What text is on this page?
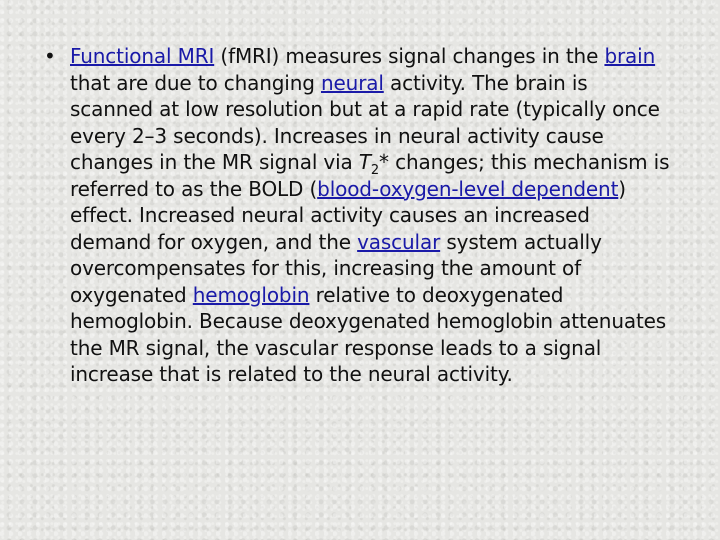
• Functional MRI (fMRI) measures signal changes in the brain that are due to changing neural activity. The brain is scanned at low resolution but at a rapid rate (typically once every 2–3 seconds). Increases in neural activity cause changes in the MR signal via $T_2*$ changes; this mechanism is referred to as the BOLD (blood-oxygen-level dependent) effect. Increased neural activity causes an increased demand for oxygen, and the vascular system actually overcompensates for this, increasing the amount of oxygenated hemoglobin relative to deoxygenated hemoglobin. Because deoxygenated hemoglobin attenuates the MR signal, the vascular response leads to a signal increase that is related to the neural activity.
